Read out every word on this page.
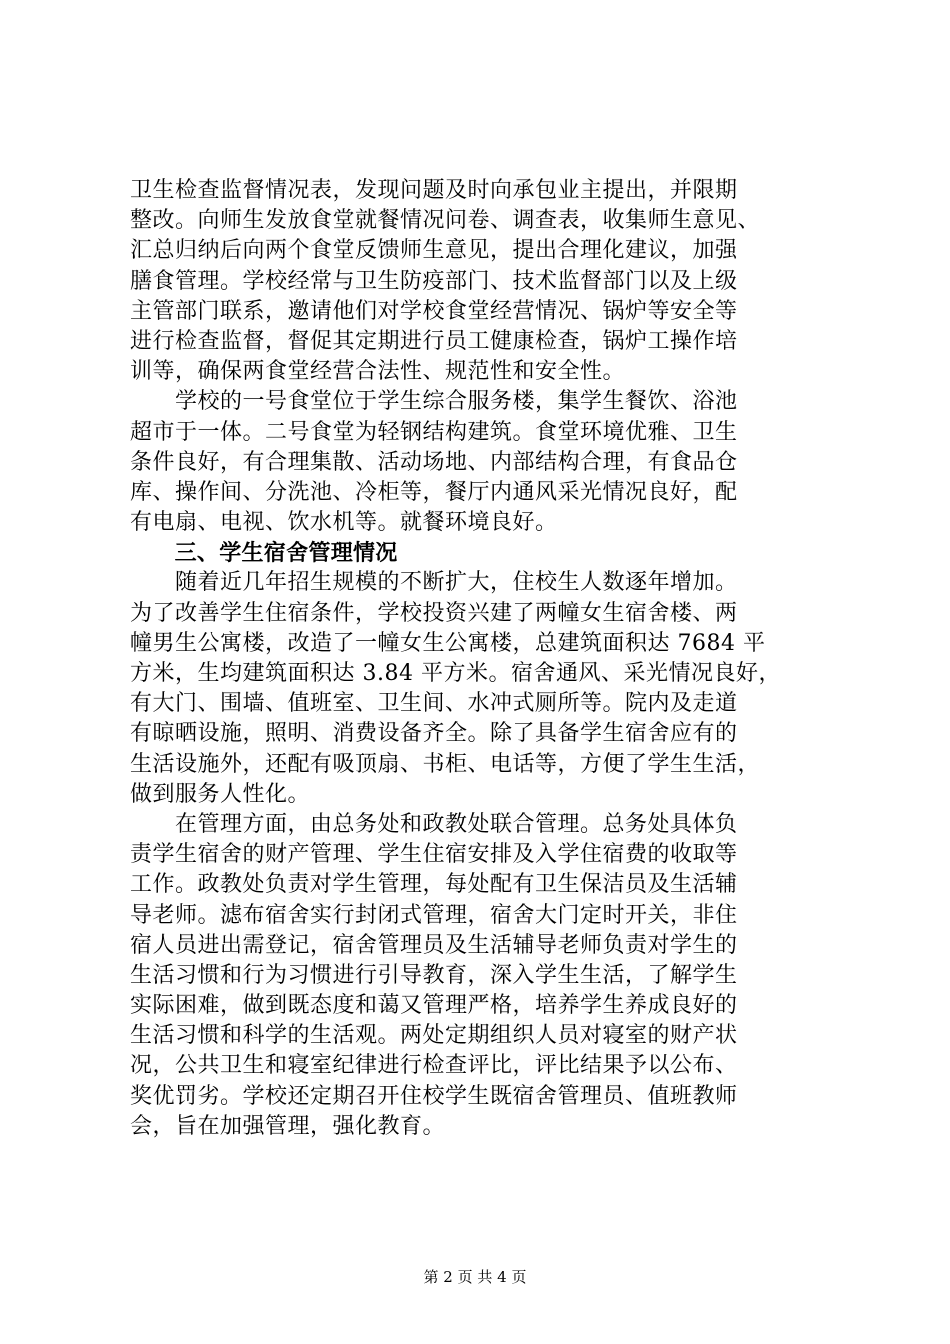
卫生检查监督情况表，发现问题及时向承包业主提出，并限期
整改。向师生发放食堂就餐情况问卷、调查表，收集师生意见、
汇总归纳后向两个食堂反馈师生意见，提出合理化建议，加强
膳食管理。学校经常与卫生防疫部门、技术监督部门以及上级
主管部门联系，邀请他们对学校食堂经营情况、锅炉等安全等
进行检查监督，督促其定期进行员工健康检查，锅炉工操作培
训等，确保两食堂经营合法性、规范性和安全性。
　　学校的一号食堂位于学生综合服务楼，集学生餐饮、浴池
超市于一体。二号食堂为轻钢结构建筑。食堂环境优雅、卫生
条件良好，有合理集散、活动场地、内部结构合理，有食品仓
库、操作间、分洗池、冷柜等，餐厅内通风采光情况良好，配
有电扇、电视、饮水机等。就餐环境良好。
　　三、学生宿舍管理情况
　　随着近几年招生规模的不断扩大，住校生人数逐年增加。
为了改善学生住宿条件，学校投资兴建了两幢女生宿舍楼、两
幢男生公寓楼，改造了一幢女生公寓楼，总建筑面积达 7684 平
方米，生均建筑面积达 3.84 平方米。宿舍通风、采光情况良好，
有大门、围墙、值班室、卫生间、水冲式厕所等。院内及走道
有晾晒设施，照明、消费设备齐全。除了具备学生宿舍应有的
生活设施外，还配有吸顶扇、书柜、电话等，方便了学生生活，
做到服务人性化。
　　在管理方面，由总务处和政教处联合管理。总务处具体负
责学生宿舍的财产管理、学生住宿安排及入学住宿费的收取等
工作。政教处负责对学生管理，每处配有卫生保洁员及生活辅
导老师。滤布宿舍实行封闭式管理，宿舍大门定时开关，非住
宿人员进出需登记，宿舍管理员及生活辅导老师负责对学生的
生活习惯和行为习惯进行引导教育，深入学生生活，了解学生
实际困难，做到既态度和蔼又管理严格，培养学生养成良好的
生活习惯和科学的生活观。两处定期组织人员对寝室的财产状
况，公共卫生和寝室纪律进行检查评比，评比结果予以公布、
奖优罚劣。学校还定期召开住校学生既宿舍管理员、值班教师
会，旨在加强管理，强化教育。
第 2 页 共 4 页
